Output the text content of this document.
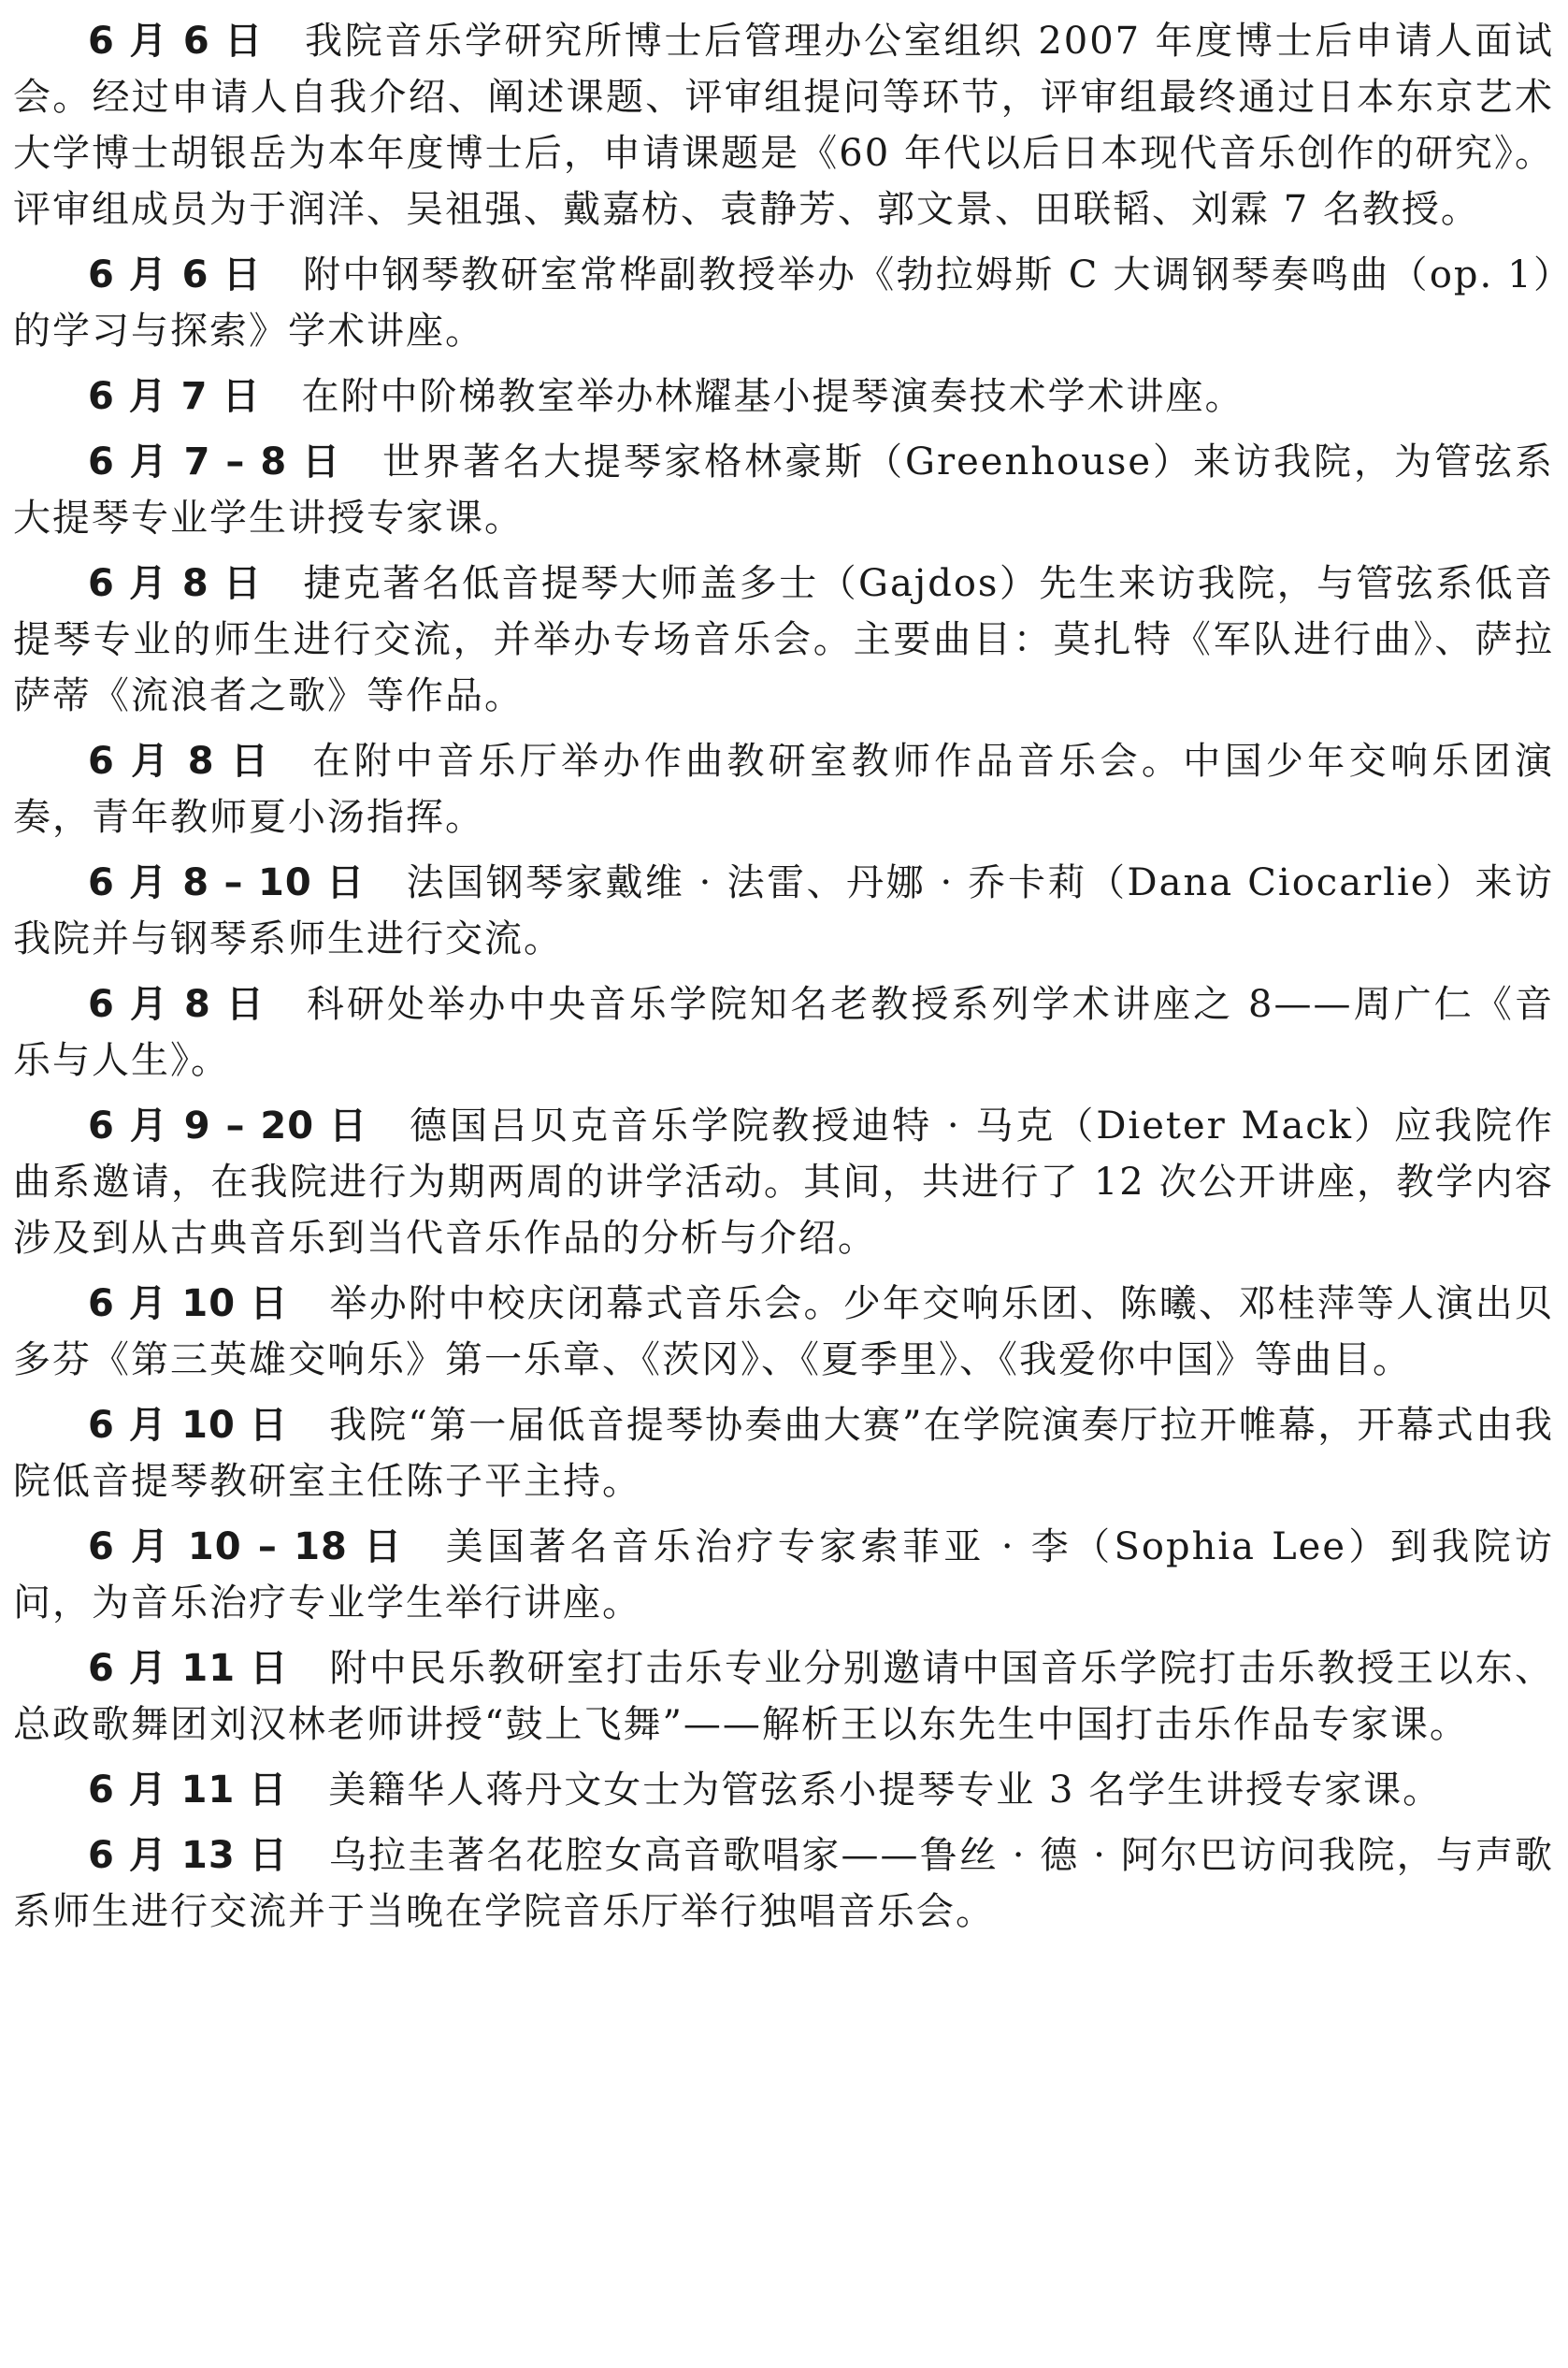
6 月 6 日 我院音乐学研究所博士后管理办公室组织 2007 年度博士后申请人面试会。经过申请人自我介绍、阐述课题、评审组提问等环节，评审组最终通过日本东京艺术大学博士胡银岳为本年度博士后，申请课题是《60 年代以后日本现代音乐创作的研究》。评审组成员为于润洋、吴祖强、戴嘉枋、袁静芳、郭文景、田联韬、刘霖 7 名教授。

6 月 6 日 附中钢琴教研室常桦副教授举办《勃拉姆斯 C 大调钢琴奏鸣曲（op. 1）的学习与探索》学术讲座。

6 月 7 日 在附中阶梯教室举办林耀基小提琴演奏技术学术讲座。

6 月 7 – 8 日 世界著名大提琴家格林豪斯（Greenhouse）来访我院，为管弦系大提琴专业学生讲授专家课。

6 月 8 日 捷克著名低音提琴大师盖多士（Gajdos）先生来访我院，与管弦系低音提琴专业的师生进行交流，并举办专场音乐会。主要曲目：莫扎特《军队进行曲》、萨拉萨蒂《流浪者之歌》等作品。

6 月 8 日 在附中音乐厅举办作曲教研室教师作品音乐会。中国少年交响乐团演奏，青年教师夏小汤指挥。

6 月 8 – 10 日 法国钢琴家戴维 · 法雷、丹娜 · 乔卡莉（Dana Ciocarlie）来访我院并与钢琴系师生进行交流。

6 月 8 日 科研处举办中央音乐学院知名老教授系列学术讲座之 8——周广仁《音乐与人生》。

6 月 9 – 20 日 德国吕贝克音乐学院教授迪特 · 马克（Dieter Mack）应我院作曲系邀请，在我院进行为期两周的讲学活动。其间，共进行了 12 次公开讲座，教学内容涉及到从古典音乐到当代音乐作品的分析与介绍。

6 月 10 日 举办附中校庆闭幕式音乐会。少年交响乐团、陈曦、邓桂萍等人演出贝多芬《第三英雄交响乐》第一乐章、《茨冈》、《夏季里》、《我爱你中国》等曲目。

6 月 10 日 我院“第一届低音提琴协奏曲大赛”在学院演奏厅拉开帷幕，开幕式由我院低音提琴教研室主任陈子平主持。

6 月 10 – 18 日 美国著名音乐治疗专家索菲亚 · 李（Sophia Lee）到我院访问，为音乐治疗专业学生举行讲座。

6 月 11 日 附中民乐教研室打击乐专业分别邀请中国音乐学院打击乐教授王以东、总政歌舞团刘汉林老师讲授“鼓上飞舞”——解析王以东先生中国打击乐作品专家课。

6 月 11 日 美籍华人蒋丹文女士为管弦系小提琴专业 3 名学生讲授专家课。

6 月 13 日 乌拉圭著名花腔女高音歌唱家——鲁丝 · 德 · 阿尔巴访问我院，与声歌系师生进行交流并于当晚在学院音乐厅举行独唱音乐会。
